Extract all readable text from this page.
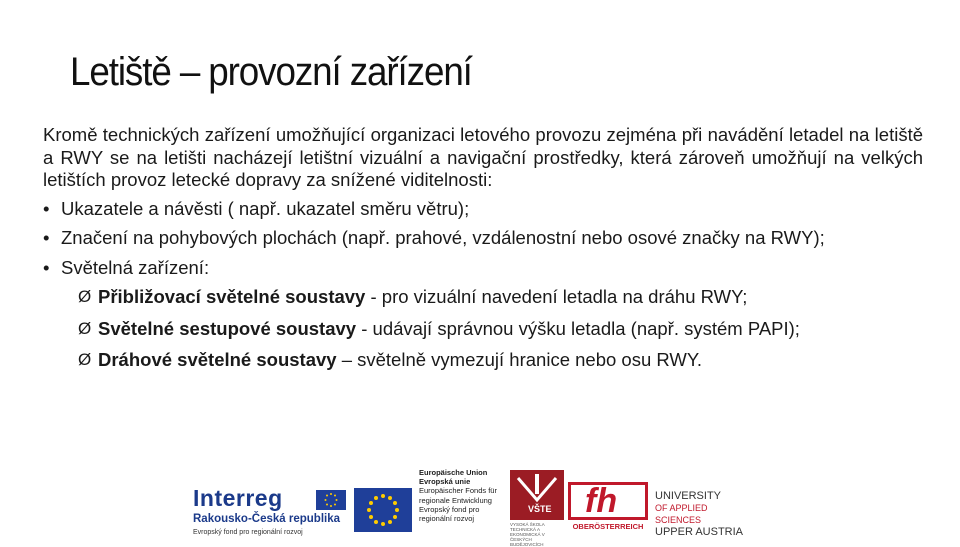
Letiště – provozní zařízení

Kromě technických zařízení umožňující organizaci letového provozu zejména při navádění letadel na letiště a RWY se na letišti nacházejí letištní vizuální a navigační prostředky, která zároveň umožňují na velkých letištích provoz letecké dopravy za snížené viditelnosti:

• Ukazatele a návěsti ( např. ukazatel směru větru);

• Značení na pohybových plochách (např. prahové, vzdálenostní nebo osové značky na RWY);

• Světelná zařízení:

Ø Přibližovací světelné soustavy - pro vizuální navedení letadla na dráhu RWY;
Ø Světelné sestupové soustavy - udávají správnou výšku letadla (např. systém PAPI);
Ø Dráhové světelné soustavy – světelně vymezují hranice nebo osu RWY.
Interreg
Rakousko-Česká republika
Evropský fond pro regionální rozvoj
Europäische Union
Evropská unie
Europäischer Fonds für
regionale Entwicklung
Evropský fond pro
regionální rozvoj
VŠTE
VYSOKÁ ŠKOLA TECHNICKÁ A EKONOMICKÁ V ČESKÝCH BUDĚJOVICÍCH
fh
OBERÖSTERREICH
UNIVERSITY
OF APPLIED SCIENCES
UPPER AUSTRIA
